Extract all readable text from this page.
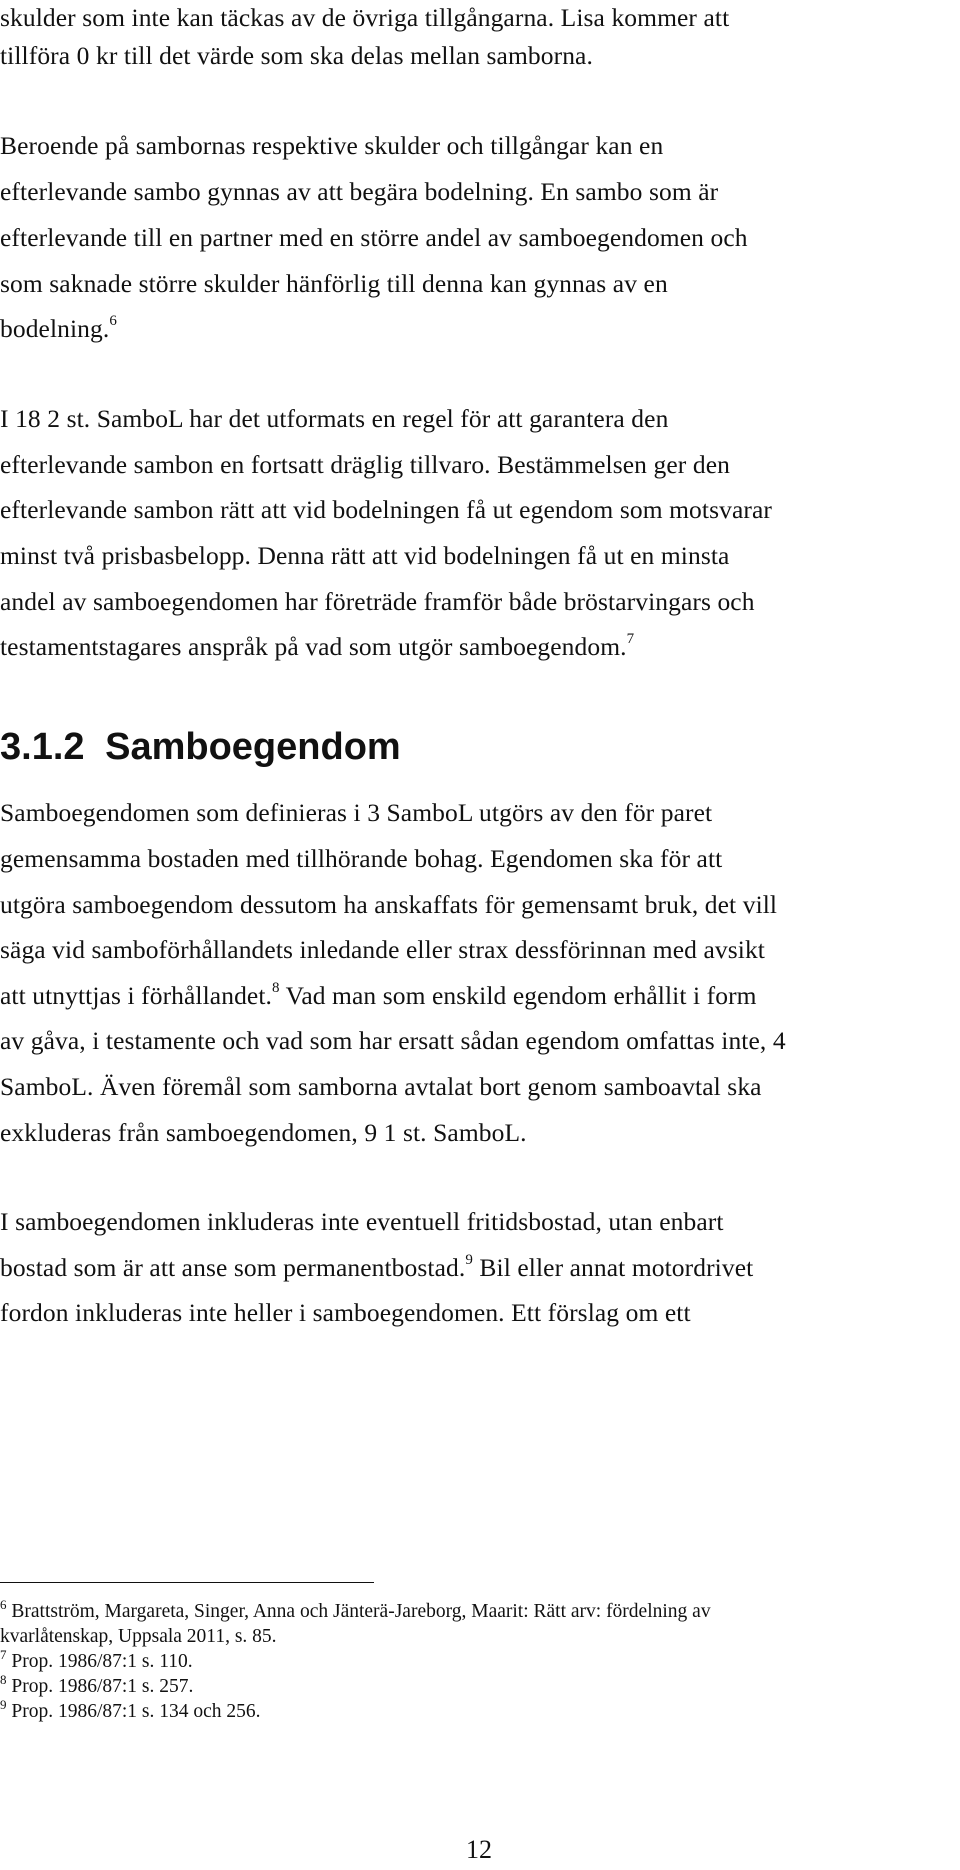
skulder som inte kan täckas av de övriga tillgångarna. Lisa kommer att
tillföra 0 kr till det värde som ska delas mellan samborna.
Beroende på sambornas respektive skulder och tillgångar kan en
efterlevande sambo gynnas av att begära bodelning. En sambo som är
efterlevande till en partner med en större andel av samboegendomen och
som saknade större skulder hänförlig till denna kan gynnas av en
bodelning.$^6$
I 18 2 st. SamboL har det utformats en regel för att garantera den
efterlevande sambon en fortsatt dräglig tillvaro. Bestämmelsen ger den
efterlevande sambon rätt att vid bodelningen få ut egendom som motsvarar
minst två prisbasbelopp. Denna rätt att vid bodelningen få ut en minsta
andel av samboegendomen har företräde framför både bröstarvingars och
testamentstagares anspråk på vad som utgör samboegendom.$^7$
3.1.2 Samboegendom
Samboegendomen som definieras i 3 SamboL utgörs av den för paret
gemensamma bostaden med tillhörande bohag. Egendomen ska för att
utgöra samboegendom dessutom ha anskaffats för gemensamt bruk, det vill
säga vid samboförhållandets inledande eller strax dessförinnan med avsikt
att utnyttjas i förhållandet.$^8$ Vad man som enskild egendom erhållit i form
av gåva, i testamente och vad som har ersatt sådan egendom omfattas inte, 4
SamboL. Även föremål som samborna avtalat bort genom samboavtal ska
exkluderas från samboegendomen, 9 1 st. SamboL.
I samboegendomen inkluderas inte eventuell fritidsbostad, utan enbart
bostad som är att anse som permanentbostad.$^9$ Bil eller annat motordrivet
fordon inkluderas inte heller i samboegendomen. Ett förslag om ett
$^6$ Brattström, Margareta, Singer, Anna och Jänterä-Jareborg, Maarit: Rätt arv: fördelning av
kvarlåtenskap, Uppsala 2011, s. 85.
$^7$ Prop. 1986/87:1 s. 110.
$^8$ Prop. 1986/87:1 s. 257.
$^9$ Prop. 1986/87:1 s. 134 och 256.
12
